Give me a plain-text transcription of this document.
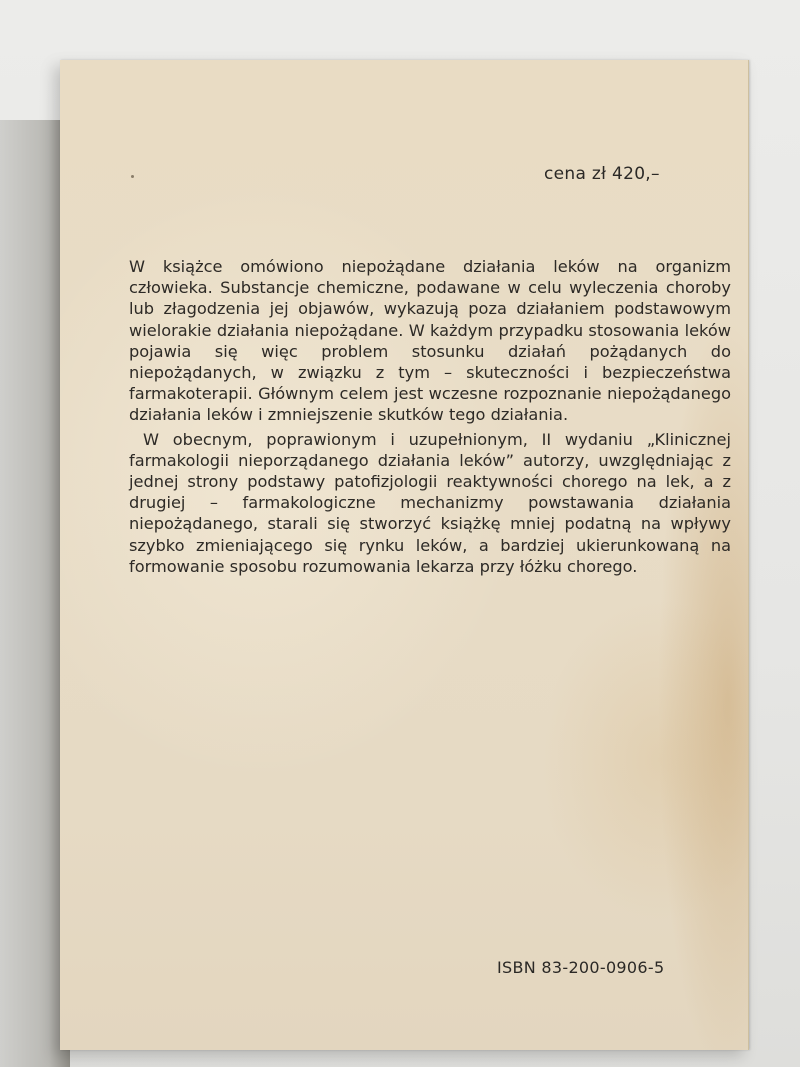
cena zł 420,–

W książce omówiono niepożądane działania leków na organizm człowieka. Substancje chemiczne, podawane w celu wyleczenia choroby lub złagodzenia jej objawów, wykazują poza działaniem podstawowym wielorakie działania niepożądane. W każdym przypadku stosowania leków pojawia się więc problem stosunku działań pożądanych do niepożądanych, w związku z tym – skuteczności i bezpieczeństwa farmakoterapii. Głównym celem jest wczesne rozpoznanie niepożądanego działania leków i zmniejszenie skutków tego działania.

W obecnym, poprawionym i uzupełnionym, II wydaniu „Klinicznej farmakologii nieporządanego działania leków” autorzy, uwzględniając z jednej strony podstawy patofizjologii reaktywności chorego na lek, a z drugiej – farmakologiczne mechanizmy powstawania działania niepożądanego, starali się stworzyć książkę mniej podatną na wpływy szybko zmieniającego się rynku leków, a bardziej ukierunkowaną na formowanie sposobu rozumowania lekarza przy łóżku chorego.

ISBN 83-200-0906-5
